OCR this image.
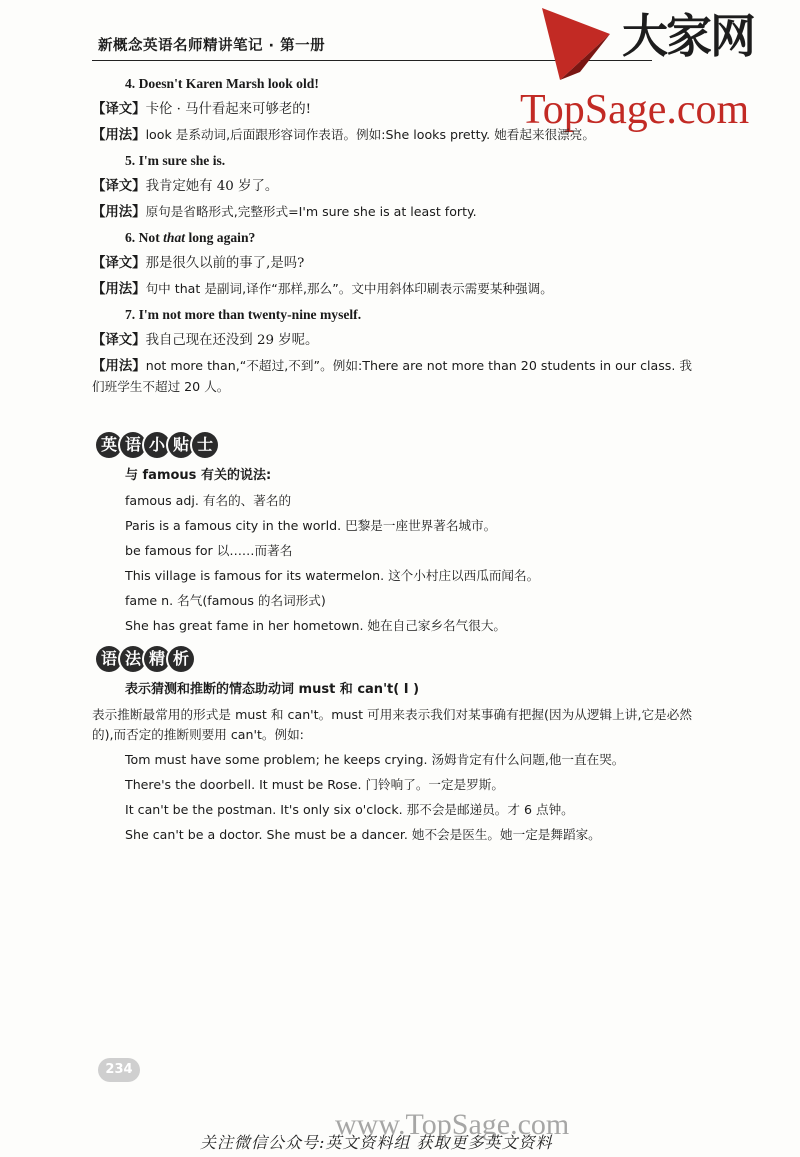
新概念英语名师精讲笔记 · 第一册	大家网
TopSage.com
4. Doesn't Karen Marsh look old!
【译文】卡伦 · 马什看起来可够老的!
【用法】look 是系动词,后面跟形容词作表语。例如:She looks pretty. 她看起来很漂亮。
5. I'm sure she is.
【译文】我肯定她有 40 岁了。
【用法】原句是省略形式,完整形式=I'm sure she is at least forty.
6. Not that long again?
【译文】那是很久以前的事了,是吗?
【用法】句中 that 是副词,译作“那样,那么”。文中用斜体印刷表示需要某种强调。
7. I'm not more than twenty-nine myself.
【译文】我自己现在还没到 29 岁呢。
【用法】not more than,“不超过,不到”。例如:There are not more than 20 students in our class. 我们班学生不超过 20 人。
英 语 小 贴 士
与 famous 有关的说法:
famous adj. 有名的、著名的
Paris is a famous city in the world. 巴黎是一座世界著名城市。
be famous for 以……而著名
This village is famous for its watermelon. 这个小村庄以西瓜而闻名。
fame n. 名气(famous 的名词形式)
She has great fame in her hometown. 她在自己家乡名气很大。
语 法 精 析
表示猜测和推断的情态助动词 must 和 can't( Ⅰ )
表示推断最常用的形式是 must 和 can't。must 可用来表示我们对某事确有把握(因为从逻辑上讲,它是必然的),而否定的推断则要用 can't。例如:
Tom must have some problem; he keeps crying. 汤姆肯定有什么问题,他一直在哭。
There's the doorbell. It must be Rose. 门铃响了。一定是罗斯。
It can't be the postman. It's only six o'clock. 那不会是邮递员。才 6 点钟。
She can't be a doctor. She must be a dancer. 她不会是医生。她一定是舞蹈家。
234
www.TopSage.com
关注微信公众号:英文资料组 获取更多英文资料
